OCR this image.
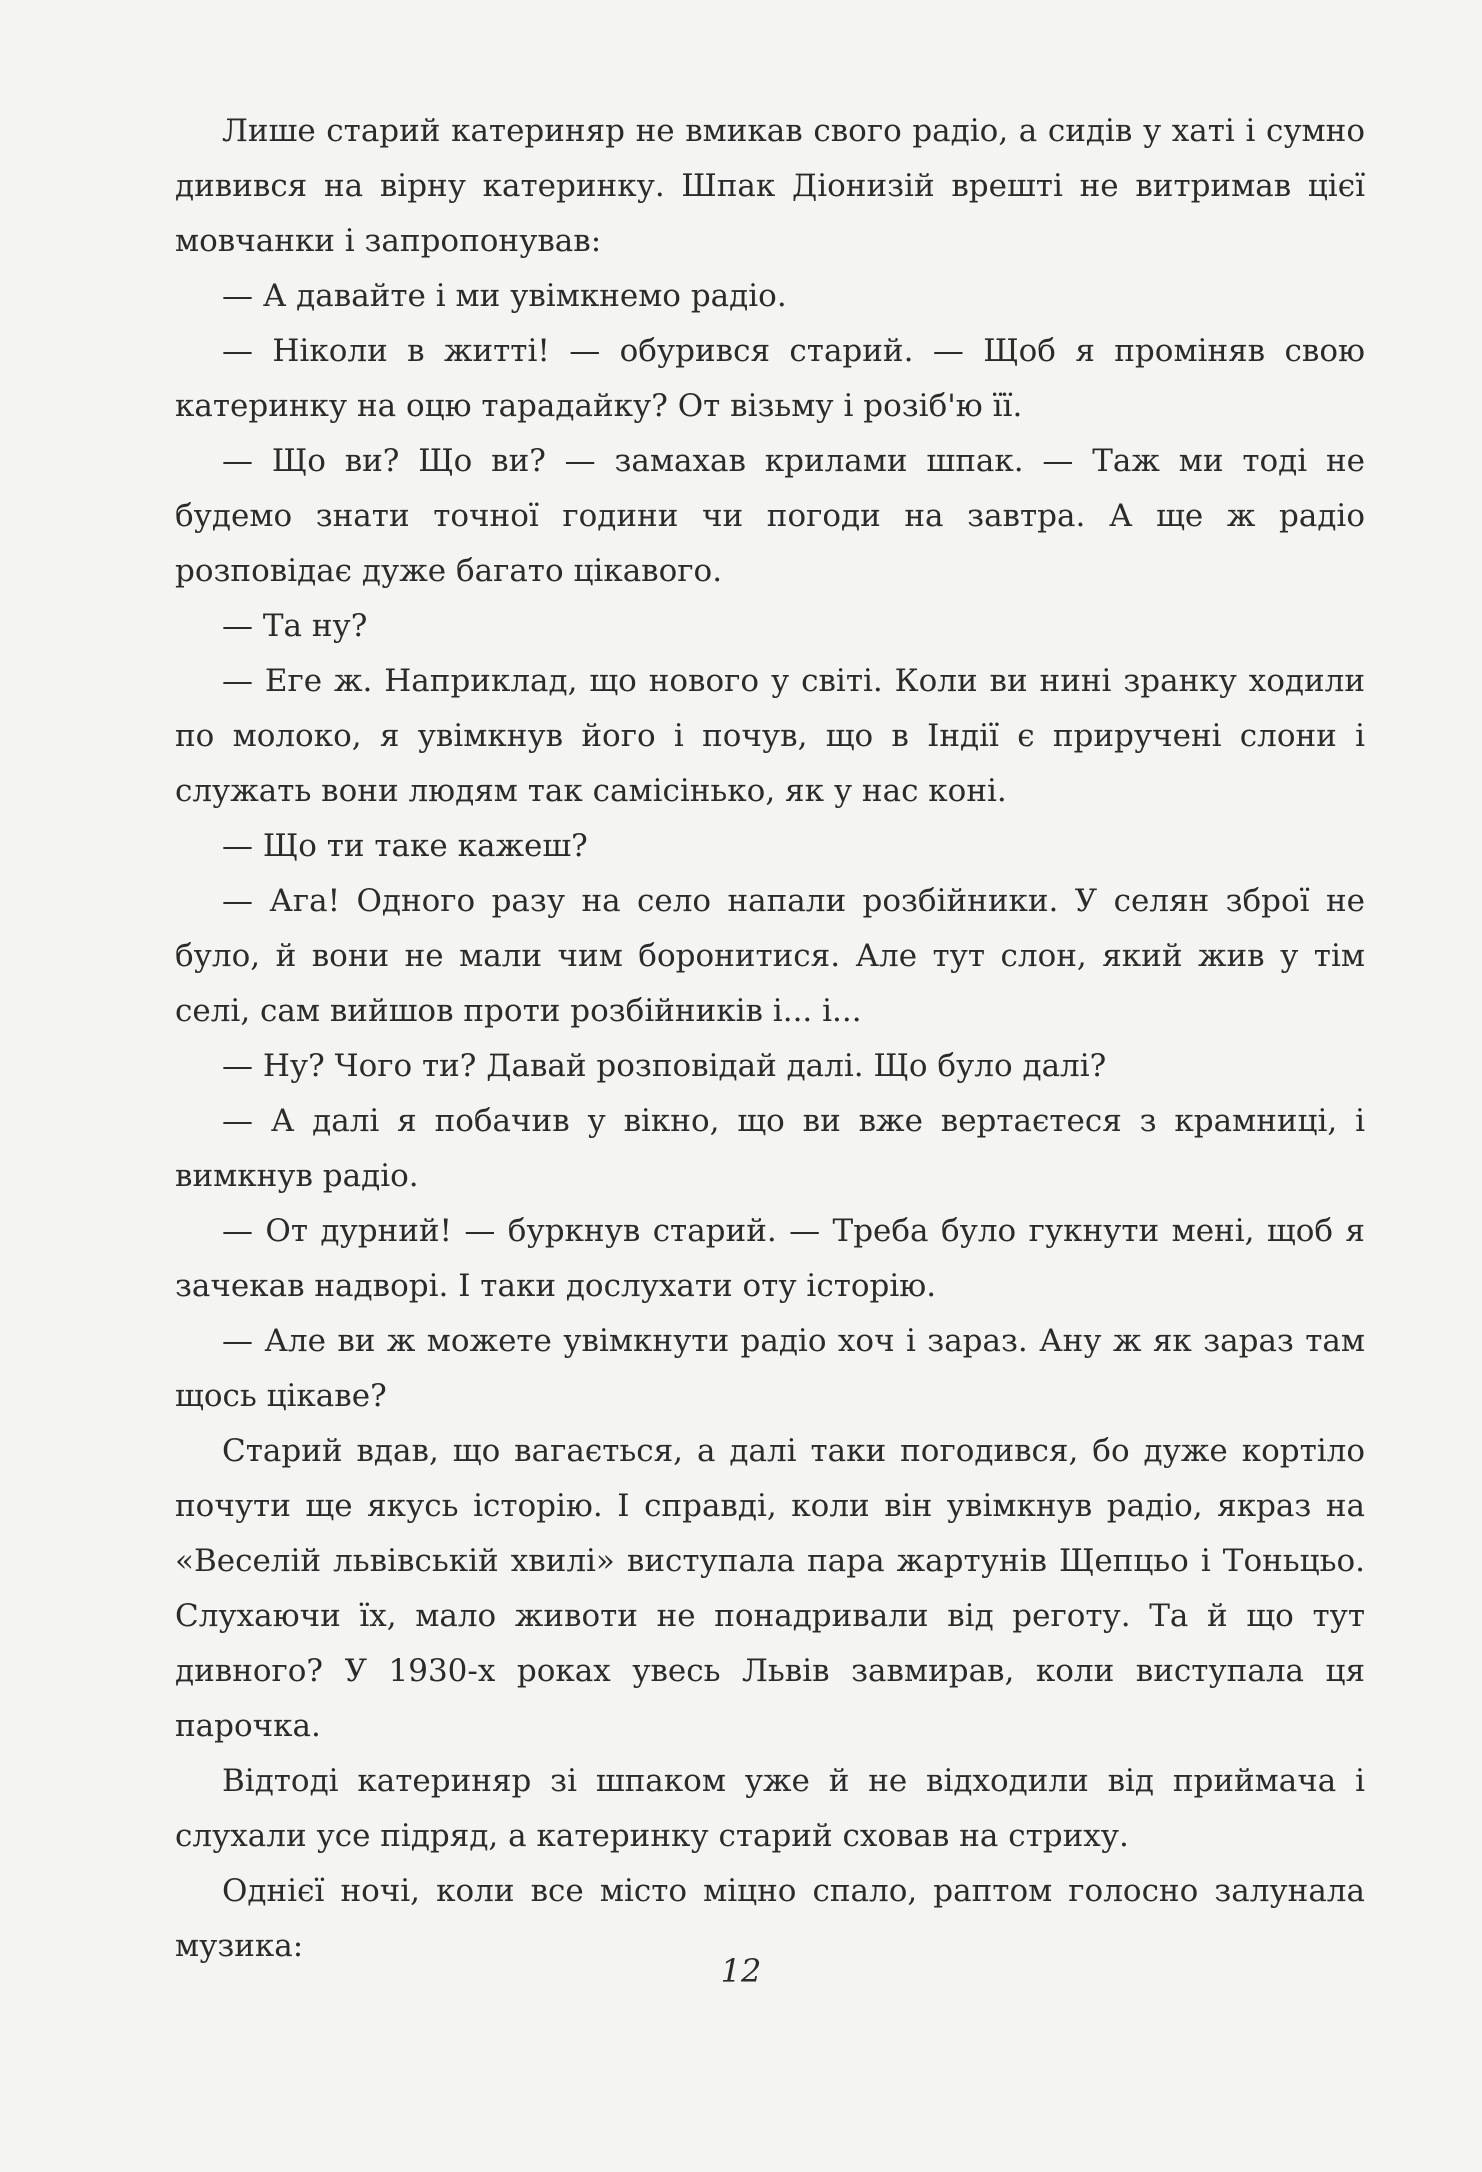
Лише старий катериняр не вмикав свого радіо, а сидів у хаті і сумно дивився на вірну катеринку. Шпак Діонизій врешті не витримав цієї мовчанки і запропонував:

— А давайте і ми увімкнемо радіо.

— Ніколи в житті! — обурився старий. — Щоб я проміняв свою катеринку на оцю тарадайку? От візьму і розіб'ю її.

— Що ви? Що ви? — замахав крилами шпак. — Таж ми тоді не будемо знати точної години чи погоди на завтра. А ще ж радіо розповідає дуже багато цікавого.

— Та ну?

— Еге ж. Наприклад, що нового у світі. Коли ви нині зранку ходили по молоко, я увімкнув його і почув, що в Індії є приручені слони і служать вони людям так самісінько, як у нас коні.

— Що ти таке кажеш?

— Ага! Одного разу на село напали розбійники. У селян зброї не було, й вони не мали чим боронитися. Але тут слон, який жив у тім селі, сам вийшов проти розбійників і... і...

— Ну? Чого ти? Давай розповідай далі. Що було далі?

— А далі я побачив у вікно, що ви вже вертаєтеся з крамниці, і вимкнув радіо.

— От дурний! — буркнув старий. — Треба було гукнути мені, щоб я зачекав надворі. І таки дослухати оту історію.

— Але ви ж можете увімкнути радіо хоч і зараз. Ану ж як зараз там щось цікаве?

Старий вдав, що вагається, а далі таки погодився, бо дуже кортіло почути ще якусь історію. І справді, коли він увімкнув радіо, якраз на «Веселій львівській хвилі» виступала пара жартунів Щепцьо і Тоньцьо. Слухаючи їх, мало животи не понадривали від реготу. Та й що тут дивного? У 1930-х роках увесь Львів завмирав, коли виступала ця парочка.

Відтоді катериняр зі шпаком уже й не відходили від приймача і слухали усе підряд, а катеринку старий сховав на стриху.

Однієї ночі, коли все місто міцно спало, раптом голосно залунала музика:

12
